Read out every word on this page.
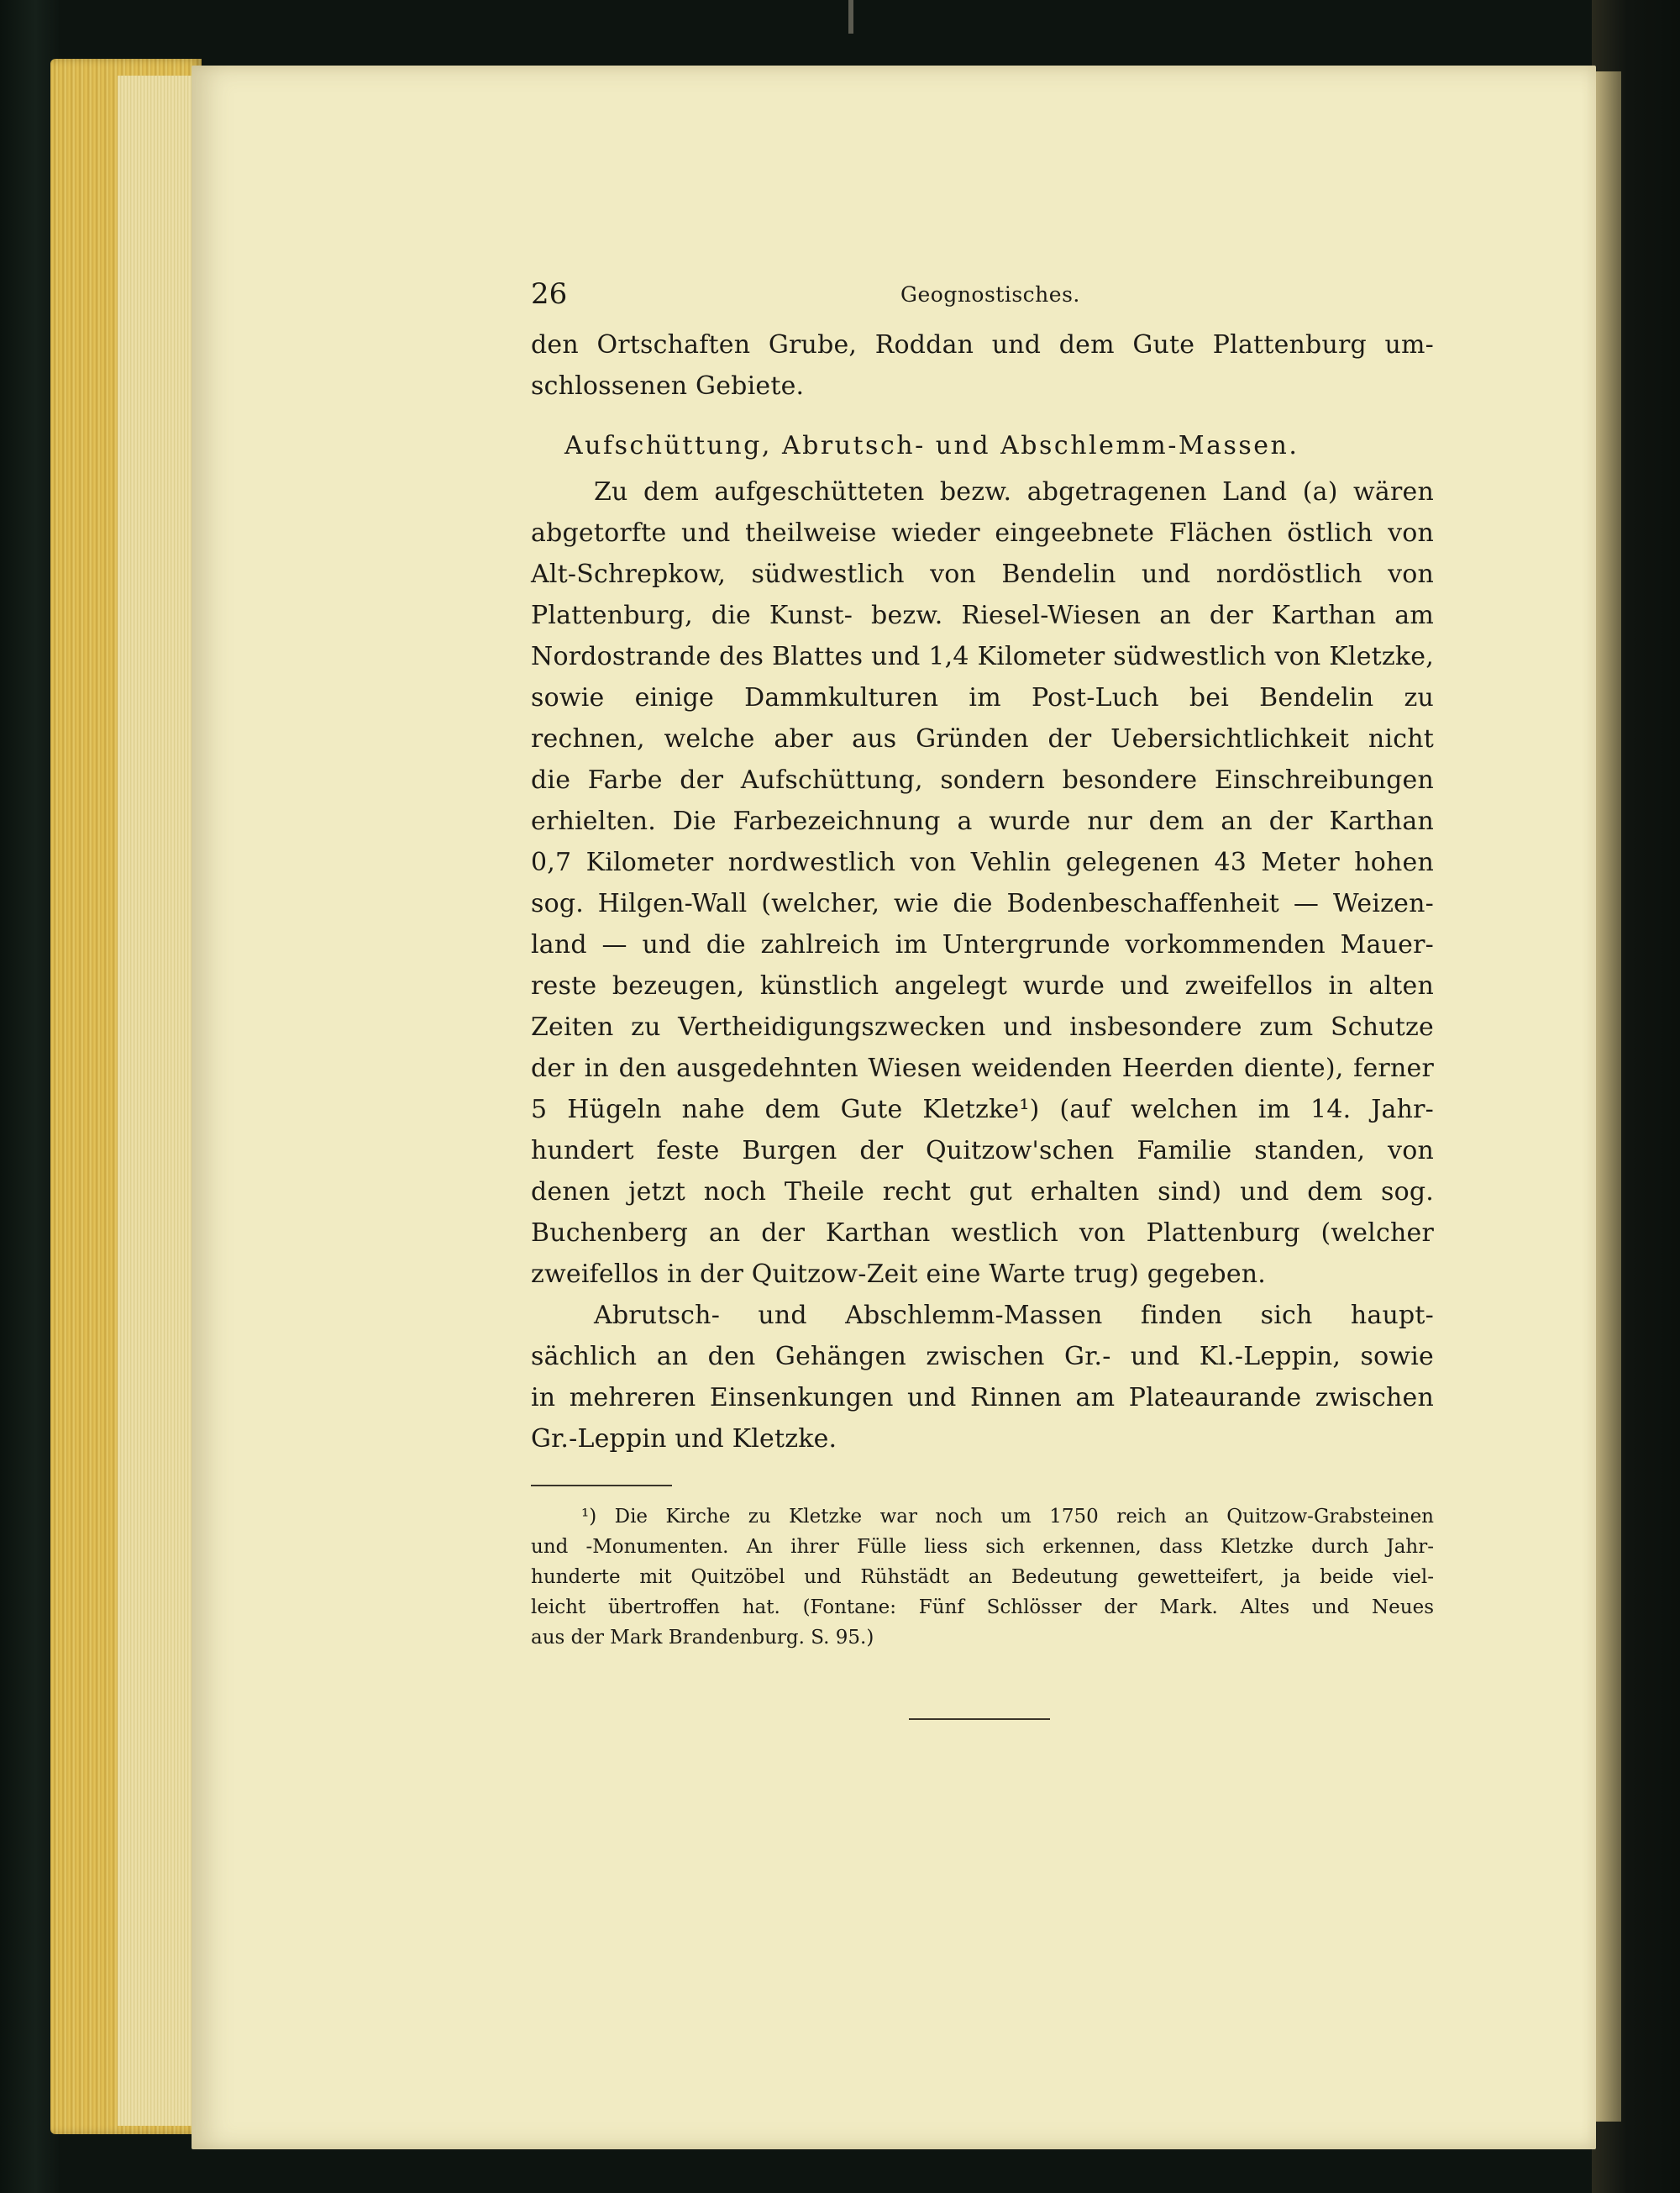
26	Geognostisches.
den Ortschaften Grube, Roddan und dem Gute Plattenburg um-
schlossenen Gebiete.
Aufschüttung, Abrutsch- und Abschlemm-Massen.
Zu dem aufgeschütteten bezw. abgetragenen Land (a) wären
abgetorfte und theilweise wieder eingeebnete Flächen östlich von
Alt-Schrepkow, südwestlich von Bendelin und nordöstlich von
Plattenburg, die Kunst- bezw. Riesel-Wiesen an der Karthan am
Nordostrande des Blattes und 1,4 Kilometer südwestlich von Kletzke,
sowie einige Dammkulturen im Post-Luch bei Bendelin zu
rechnen, welche aber aus Gründen der Uebersichtlichkeit nicht
die Farbe der Aufschüttung, sondern besondere Einschreibungen
erhielten. Die Farbezeichnung a wurde nur dem an der Karthan
0,7 Kilometer nordwestlich von Vehlin gelegenen 43 Meter hohen
sog. Hilgen-Wall (welcher, wie die Bodenbeschaffenheit — Weizen-
land — und die zahlreich im Untergrunde vorkommenden Mauer-
reste bezeugen, künstlich angelegt wurde und zweifellos in alten
Zeiten zu Vertheidigungszwecken und insbesondere zum Schutze
der in den ausgedehnten Wiesen weidenden Heerden diente), ferner
5 Hügeln nahe dem Gute Kletzke¹) (auf welchen im 14. Jahr-
hundert feste Burgen der Quitzow'schen Familie standen, von
denen jetzt noch Theile recht gut erhalten sind) und dem sog.
Buchenberg an der Karthan westlich von Plattenburg (welcher
zweifellos in der Quitzow-Zeit eine Warte trug) gegeben.
Abrutsch- und Abschlemm-Massen finden sich haupt-
sächlich an den Gehängen zwischen Gr.- und Kl.-Leppin, sowie
in mehreren Einsenkungen und Rinnen am Plateaurande zwischen
Gr.-Leppin und Kletzke.
¹) Die Kirche zu Kletzke war noch um 1750 reich an Quitzow-Grabsteinen
und -Monumenten. An ihrer Fülle liess sich erkennen, dass Kletzke durch Jahr-
hunderte mit Quitzöbel und Rühstädt an Bedeutung gewetteifert, ja beide viel-
leicht übertroffen hat. (Fontane: Fünf Schlösser der Mark. Altes und Neues
aus der Mark Brandenburg. S. 95.)
